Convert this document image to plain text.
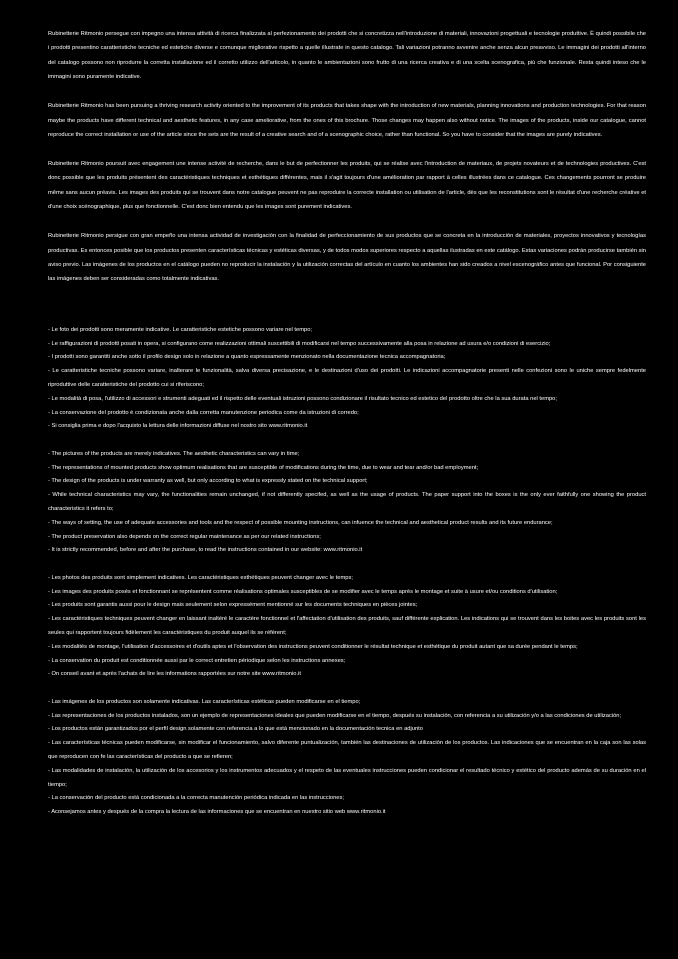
Rubinetterie Ritmonio persegue con impegno una intensa attività di ricerca finalizzata al perfezionamento dei prodotti che si concretizza nell'introduzione di materiali, innovazioni progettuali e tecnologie produttive. È quindi possibile che i prodotti presentino caratteristiche tecniche ed estetiche diverse e comunque migliorative rispetto a quelle illustrate in questo catalogo. Tali variazioni potranno avvenire anche senza alcun preavviso. Le immagini dei prodotti all'interno del catalogo possono non riprodurre la corretta installazione ed il corretto utilizzo dell'articolo, in quanto le ambientazioni sono frutto di una ricerca creativa e di una scelta scenografica, più che funzionale. Resta quindi inteso che le immagini sono puramente indicative.

Rubinetterie Ritmonio has been pursuing a thriving research activity oriented to the improvement of its products that takes shape with the introduction of new materials, planning innovations and production technologies. For that reason maybe the products have different technical and aesthetic features, in any case ameliorative, from the ones of this brochure. Those changes may happen also without notice. The images of the products, inside our catalogue, cannot reproduce the correct installation or use of the article since the sets are the result of a creative search and of a scenographic choice, rather than functional. So you have to consider that the images are purely indicatives.

Rubinetterie Ritmonio poursuit avec engagement une intense activité de recherche, dans le but de perfectionner les produits, qui se réalise avec l'introduction de materiaux, de projets novateurs et de technologies productives. C'est donc possible que les produits présentent des caractéristiques techniques et esthétiques différentes, mais il s'agit toujours d'une amélioration par rapport à celles illustrées dans ce catalogue. Ces changements pourront se produire même sans aucun préavis. Les images des produits qui se trouvent dans notre catalogue peuvent ne pas reproduire la correcte installation ou utilisation de l'article, dès que les reconstitutions sont le résultat d'une recherche créative et d'une choix scénographique, plus que fonctionnelle. C'est donc bien entendu que les images sont purement indicatives.

Rubinetterie Ritmonio persigue con gran empeño una intensa actividad de investigación con la finalidad de perfeccionamiento de sus productos que se concreta en la introducción de materiales, proyectos innovativos y tecnologías productivas. Es entonces posible que los productos presenten características técnicas y estéticas diversas, y de todos modos superiores respecto a aquellas ilustradas en este catálogo. Estas variaciones podrán producirse también sin aviso previo. Las imágenes de los productos en el catálogo pueden no reproducir la instalación y la utilización correctas del artículo en cuanto los ambientes han sido creados a nivel escenográfico antes que funcional. Por consiguiente las imágenes deben ser consideradas como totalmente indicativas.

- Le foto dei prodotti sono meramente indicative. Le caratteristiche estetiche possono variare nel tempo;

- Le raffigurazioni di prodotti posati in opera, si configurano come realizzazioni ottimali suscettibili di modificarsi nel tempo successivamente alla posa in relazione ad usura e/o condizioni di esercizio;

- I prodotti sono garantiti anche sotto il profilo design solo in relazione a quanto espressamente menzionato nella documentazione tecnica accompagnatoria;

- Le caratteristiche tecniche possono variare, inalterare le funzionalità, salva diversa precisazione, e le destinazioni d'uso dei prodotti. Le indicazioni accompagnatorie presenti nelle confezioni sono le uniche sempre fedelmente riproduttive delle caratteristiche del prodotto cui si riferiscono;

- Le modalità di posa, l'utilizzo di accessori e strumenti adeguati ed il rispetto delle eventuali istruzioni possono condizionare il risultato tecnico ed estetico del prodotto oltre che la sua durata nel tempo;

- La conservazione del prodotto è condizionata anche dalla corretta manutenzione periodica come da istruzioni di corredo;

- Si consiglia prima e dopo l'acquisto la lettura delle informazioni diffuse nel nostro sito www.ritmonio.it

- The pictures of the products are merely indicatives. The aesthetic characteristics can vary in time;

- The representations of mounted products show optimum realisations that are susceptible of modifications during the time, due to wear and tear and/or bad employment;

- The design of the products is under warranty as well, but only according to what is expressly stated on the technical support;

- While technical characteristics may vary, the functionalities remain unchanged, if not differently specifed, as well as the usage of products. The paper support into the boxes is the only ever faithfully one showing the product characteristics it refers to;

- The ways of setting, the use of adequate accessories and tools and the respect of possible mounting instructions, can infuence the technical and aesthetical product results and its future endurance;

- The product preservation also depends on the correct regular maintenance as per our related instructions;

- It is strictly recommended, before and after the purchase, to read the instructions contained in our website: www.ritmonio.it

- Les photos des produits sont simplement indicatives. Les caractéristiques esthétiques peuvent changer avec le temps;

- Les images des produits posés et fonctionnant se représentent comme réalisations optimales susceptibles de se modifier avec le temps après le montage et suite à usure et/ou conditions d'utilisation;

- Les produits sont garantis aussi pour le design mais seulement selon expressément mentionné sur les documents techniques en pièces jointes;

- Les caractéristiques techniques peuvent changer en laissant inaltéré le caractère fonctionnel et l'affectation d'utilisation des produits, sauf différente explication. Les indications qui se trouvent dans les boites avec les produits sont les seules qui rapportent toujours fidèlement les caractéristiques du produit auquel ils se réfèrent;

- Les modalités de montage, l'utilisation d'accessoires et d'outils aptes et l'observation des instructions peuvent conditionner le résultat technique et esthétique du produit autant que sa durée pendant le temps;

- La conservation du produit est conditionnée aussi par le correct entretien périodique selon les instructions annexes;

- On conseil avant et après l'achats de lire les informations rapportées sur notre site www.ritmonio.it

- Las imágenes de los productos son solamente indicativas. Las características estéticas pueden modificarse en el tiempo;

- Las representaciones de los productos instalados, son un ejemplo de representaciones ideales que pueden modificarse en el tiempo, después su instalación, con referencia a su utilización y/o a las condiciones de utilización;

- Los productos están garantizados por el perfil design solamente con referencia a lo que está mencionado en la documentación tecnica en adjunto

- Las características técnicas pueden modificarse, sin modificar el funcionamiento, salvo diferente puntualización, también las destinaciones de utilización de los productos. Las indicaciones que se encuentran en la caja son las solas que reproducen con fe las características del producto a que se refieren;

- Las modalidades de instalación, la utilización de los accesorios y los instrumentos adecuados y el respeto de las eventuales instrucciones pueden condicionar el resultado técnico y estético del producto además de su duración en el tiempo;

- La conservación del producto está condicionada a la correcta manutención periódica indicada en las instrucciones;

- Aconsejamos antes y después de la compra la lectura de las informaciones que se encuentran en nuestro sitio web www.ritmonio.it
